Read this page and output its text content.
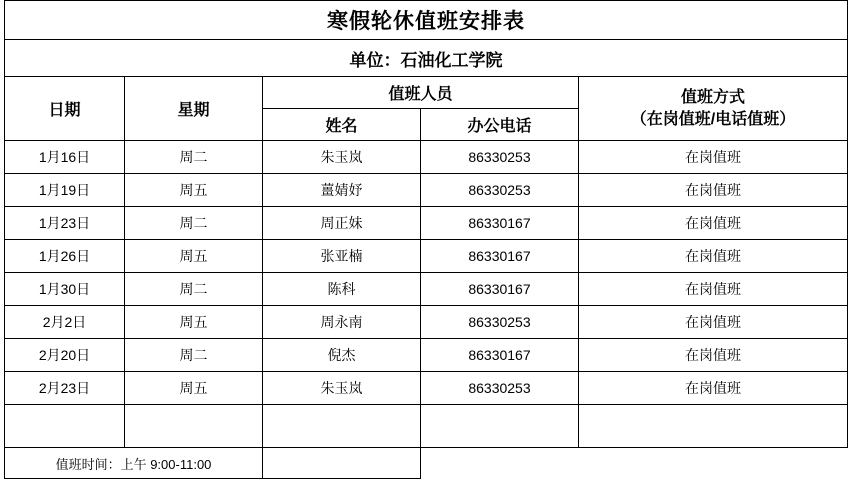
寒假轮休值班安排表				
单位：石油化工学院				
日期	星期	值班人员		值班方式
（在岗值班/电话值班）

		姓名	办公电话	
1月16日	周二	朱玉岚	86330253	在岗值班
1月19日	周五	薑婧妤	86330253	在岗值班
1月23日	周二	周正妹	86330167	在岗值班
1月26日	周五	张亚楠	86330167	在岗值班
1月30日	周二	陈科	86330167	在岗值班
2月2日	周五	周永南	86330253	在岗值班
2月20日	周二	倪杰	86330167	在岗值班
2月23日	周五	朱玉岚	86330253	在岗值班

值班时间：上午 9:00-11:00				
